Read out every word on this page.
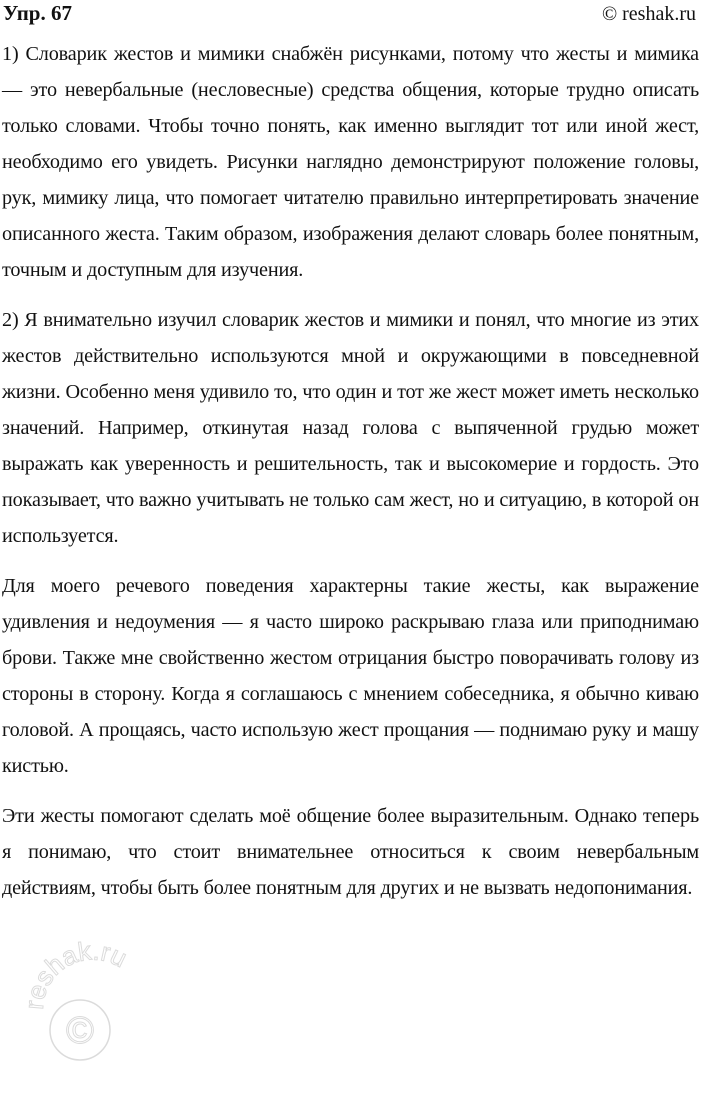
Упр. 67	© reshak.ru

1) Словарик жестов и мимики снабжён рисунками, потому что жесты и мимика — это невербальные (несловесные) средства общения, которые трудно описать только словами. Чтобы точно понять, как именно выглядит тот или иной жест, необходимо его увидеть. Рисунки наглядно демонстрируют положение головы, рук, мимику лица, что помогает читателю правильно интерпретировать значение описанного жеста. Таким образом, изображения делают словарь более понятным, точным и доступным для изучения.

2) Я внимательно изучил словарик жестов и мимики и понял, что многие из этих жестов действительно используются мной и окружающими в повседневной жизни. Особенно меня удивило то, что один и тот же жест может иметь несколько значений. Например, откинутая назад голова с выпяченной грудью может выражать как уверенность и решительность, так и высокомерие и гордость. Это показывает, что важно учитывать не только сам жест, но и ситуацию, в которой он используется.

Для моего речевого поведения характерны такие жесты, как выражение удивления и недоумения — я часто широко раскрываю глаза или приподнимаю брови. Также мне свойственно жестом отрицания быстро поворачивать голову из стороны в сторону. Когда я соглашаюсь с мнением собеседника, я обычно киваю головой. А прощаясь, часто использую жест прощания — поднимаю руку и машу кистью.

Эти жесты помогают сделать моё общение более выразительным. Однако теперь я понимаю, что стоит внимательнее относиться к своим невербальным действиям, чтобы быть более понятным для других и не вызвать недопонимания.

©
reshak.ru
